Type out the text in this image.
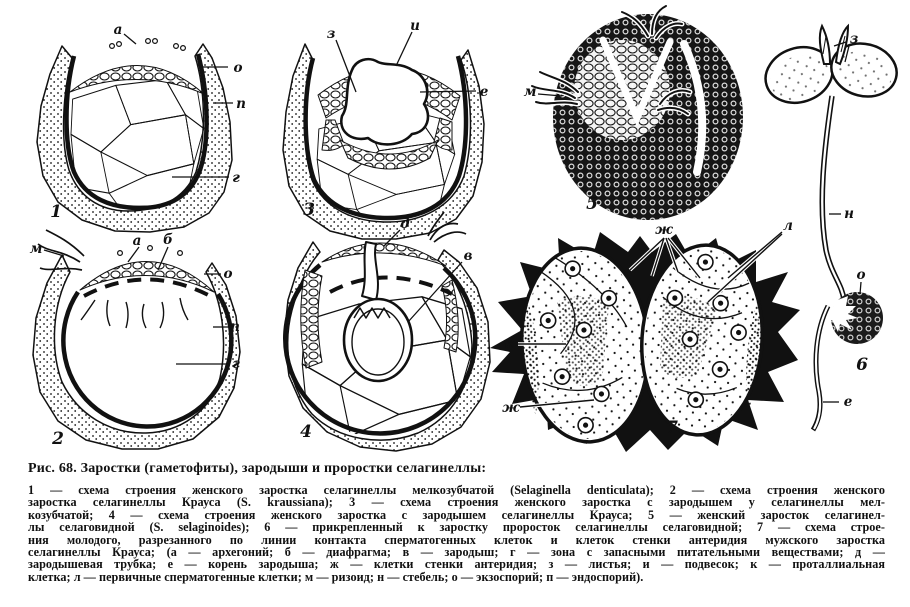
а
о
п
г
1
м	а б
о
п
г
2
з	и
е
3
д
в
4
м
5
ж	л
к
ж
7
з
н
о
е
6
Рис. 68. Заростки (гаметофиты), зародыши и проростки селагинеллы:
1 — схема строения женского заростка селагинеллы мелкозубчатой (Selaginella denticulata); 2 — схема строения женского
заростка селагинеллы Крауса (S. kraussiana); 3 — схема строения женского заростка с зародышем у селагинеллы мел-
козубчатой; 4 — схема строения женского заростка с зародышем селагинеллы Крауса; 5 — женский заросток селагинел-
лы селаговидной (S. selaginoides); 6 — прикрепленный к заростку проросток селагинеллы селаговидной; 7 — схема строе-
ния молодого, разрезанного по линии контакта сперматогенных клеток и клеток стенки антеридия мужского заростка
селагинеллы Крауса; (а — архегоний; б — диафрагма; в — зародыш; г — зона с запасными питательными веществами; д —
зародышевая трубка; е — корень зародыша; ж — клетки стенки антеридия; з — листья; и — подвесок; к — проталлиальная
клетка; л — первичные сперматогенные клетки; м — ризоид; н — стебель; о — экзоспорий; п — эндоспорий).
